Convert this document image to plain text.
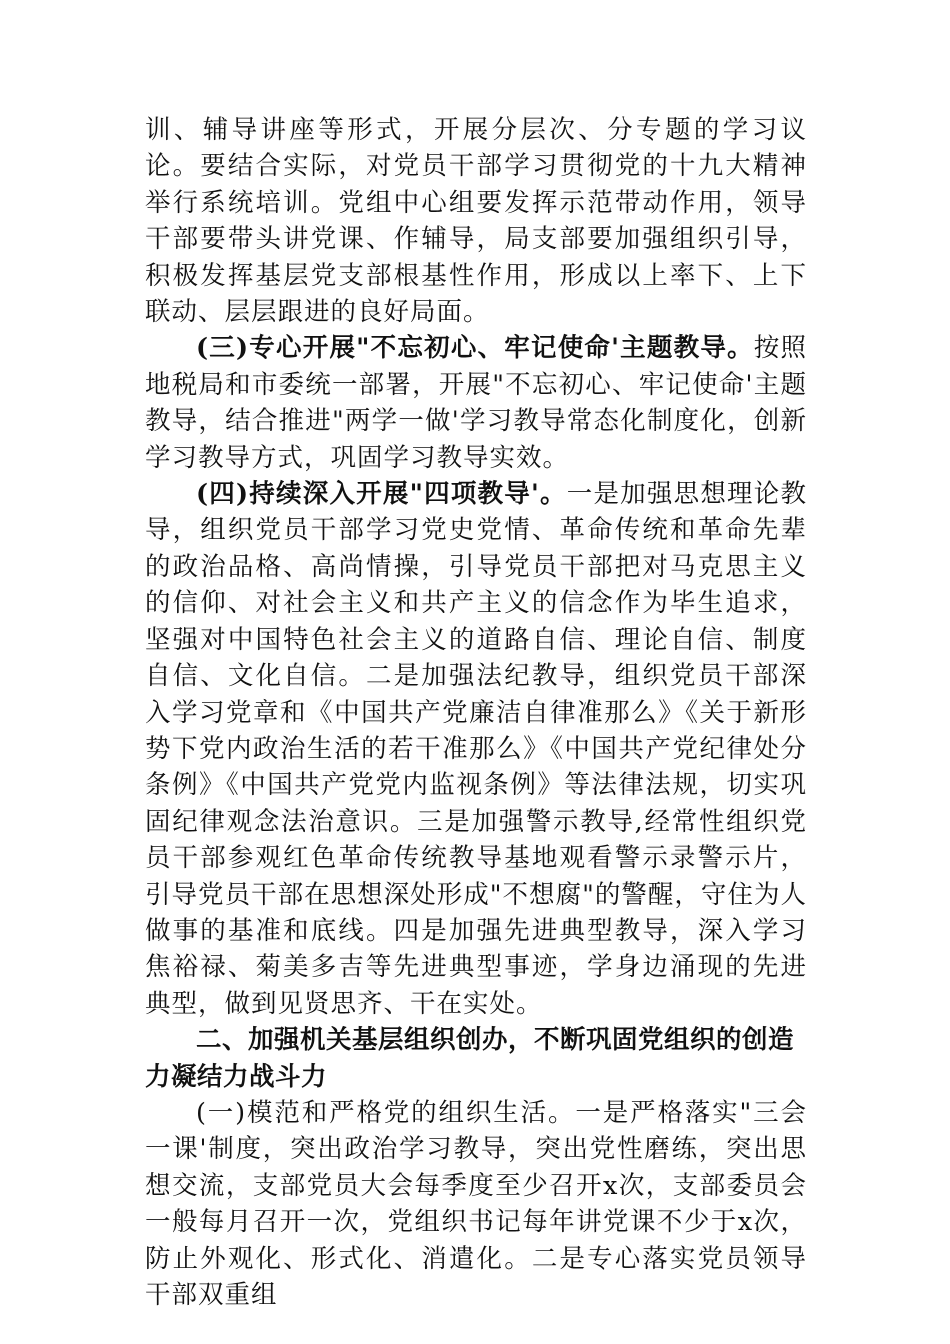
训、辅导讲座等形式，开展分层次、分专题的学习议论。要结合实际，对党员干部学习贯彻党的十九大精神举行系统培训。党组中心组要发挥示范带动作用，领导干部要带头讲党课、作辅导，局支部要加强组织引导，积极发挥基层党支部根基性作用，形成以上率下、上下联动、层层跟进的良好局面。

(三)专心开展"不忘初心、牢记使命'主题教导。按照地税局和市委统一部署，开展"不忘初心、牢记使命'主题教导，结合推进"两学一做'学习教导常态化制度化，创新学习教导方式，巩固学习教导实效。

(四)持续深入开展"四项教导'。一是加强思想理论教导，组织党员干部学习党史党情、革命传统和革命先辈的政治品格、高尚情操，引导党员干部把对马克思主义的信仰、对社会主义和共产主义的信念作为毕生追求，坚强对中国特色社会主义的道路自信、理论自信、制度自信、文化自信。二是加强法纪教导，组织党员干部深入学习党章和《中国共产党廉洁自律准那么》《关于新形势下党内政治生活的若干准那么》《中国共产党纪律处分条例》《中国共产党党内监视条例》等法律法规，切实巩固纪律观念法治意识。三是加强警示教导,经常性组织党员干部参观红色革命传统教导基地观看警示录警示片，引导党员干部在思想深处形成"不想腐"的警醒，守住为人做事的基准和底线。四是加强先进典型教导，深入学习焦裕禄、菊美多吉等先进典型事迹，学身边涌现的先进典型，做到见贤思齐、干在实处。

二、加强机关基层组织创办，不断巩固党组织的创造力凝结力战斗力

(一)模范和严格党的组织生活。一是严格落实"三会一课'制度，突出政治学习教导，突出党性磨练，突出思想交流，支部党员大会每季度至少召开x次，支部委员会一般每月召开一次，党组织书记每年讲党课不少于x次，防止外观化、形式化、消遣化。二是专心落实党员领导干部双重组
